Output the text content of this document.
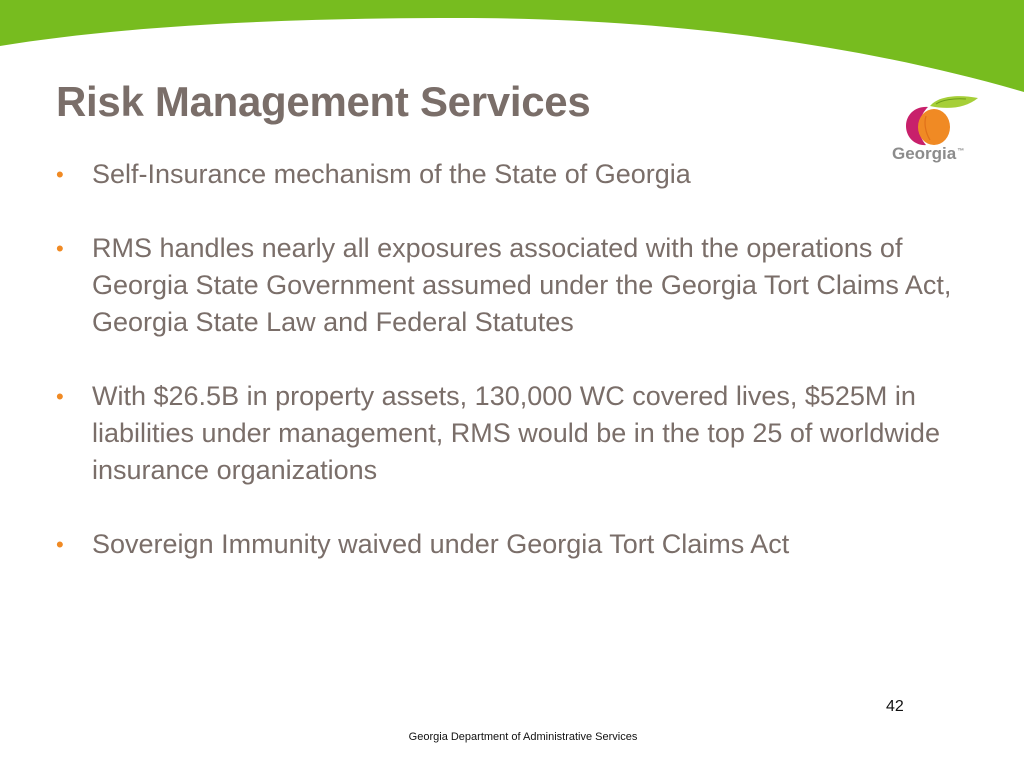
Risk Management Services
Georgia™
• Self-Insurance mechanism of the State of Georgia
• RMS handles nearly all exposures associated with the operations of Georgia State Government assumed under the Georgia Tort Claims Act, Georgia State Law and Federal Statutes
• With $26.5B in property assets, 130,000 WC covered lives, $525M in liabilities under management, RMS would be in the top 25 of worldwide insurance organizations
• Sovereign Immunity waived under Georgia Tort Claims Act
42
Georgia Department of Administrative Services
